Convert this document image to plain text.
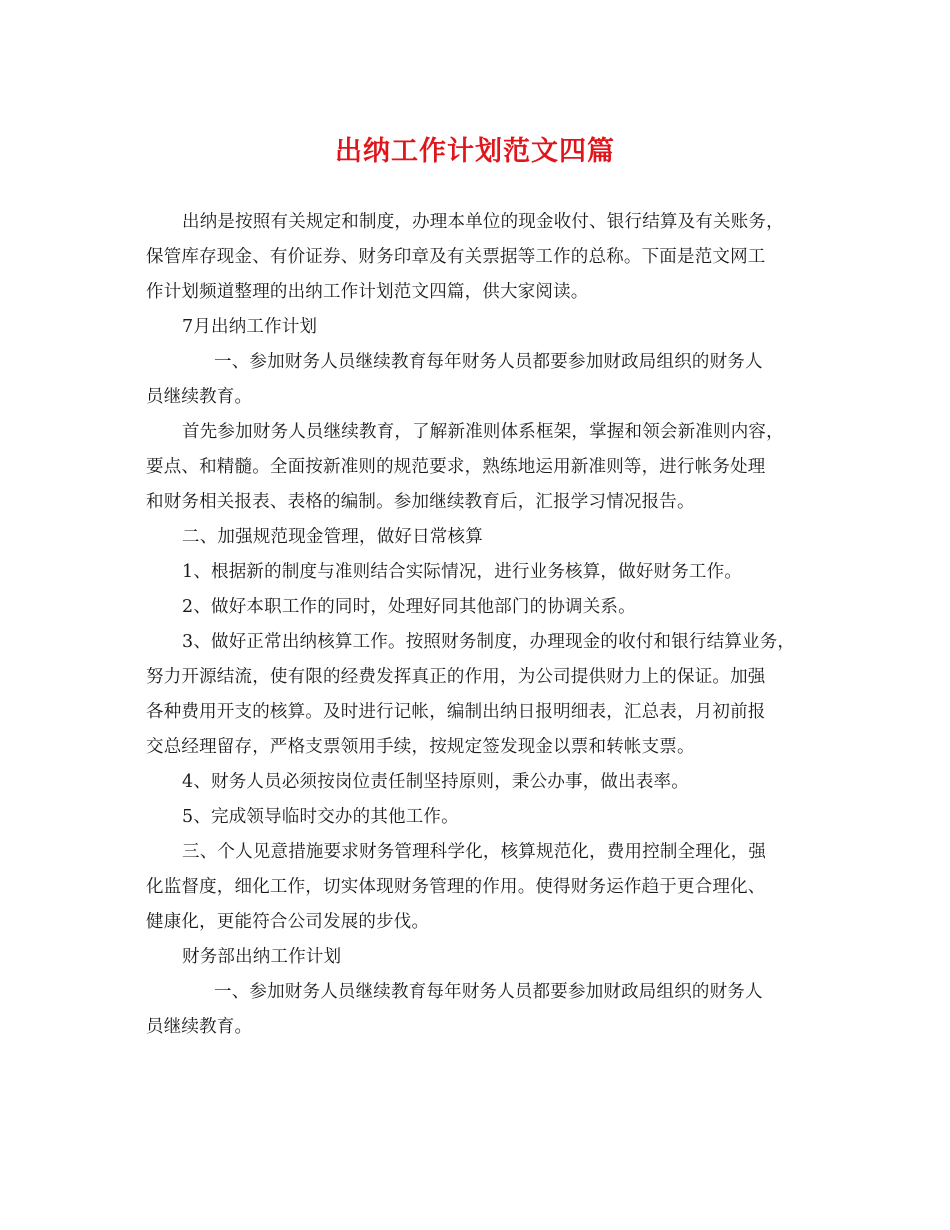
出纳工作计划范文四篇
出纳是按照有关规定和制度，办理本单位的现金收付、银行结算及有关账务，
保管库存现金、有价证券、财务印章及有关票据等工作的总称。下面是范文网工
作计划频道整理的出纳工作计划范文四篇，供大家阅读。
7月出纳工作计划
一、参加财务人员继续教育每年财务人员都要参加财政局组织的财务人
员继续教育。
首先参加财务人员继续教育，了解新准则体系框架，掌握和领会新准则内容，
要点、和精髓。全面按新准则的规范要求，熟练地运用新准则等，进行帐务处理
和财务相关报表、表格的编制。参加继续教育后，汇报学习情况报告。
二、加强规范现金管理，做好日常核算
1、根据新的制度与准则结合实际情况，进行业务核算，做好财务工作。
2、做好本职工作的同时，处理好同其他部门的协调关系。
3、做好正常出纳核算工作。按照财务制度，办理现金的收付和银行结算业务，
努力开源结流，使有限的经费发挥真正的作用，为公司提供财力上的保证。加强
各种费用开支的核算。及时进行记帐，编制出纳日报明细表，汇总表，月初前报
交总经理留存，严格支票领用手续，按规定签发现金以票和转帐支票。
4、财务人员必须按岗位责任制坚持原则，秉公办事，做出表率。
5、完成领导临时交办的其他工作。
三、个人见意措施要求财务管理科学化，核算规范化，费用控制全理化，强
化监督度，细化工作，切实体现财务管理的作用。使得财务运作趋于更合理化、
健康化，更能符合公司发展的步伐。
财务部出纳工作计划
一、参加财务人员继续教育每年财务人员都要参加财政局组织的财务人
员继续教育。
